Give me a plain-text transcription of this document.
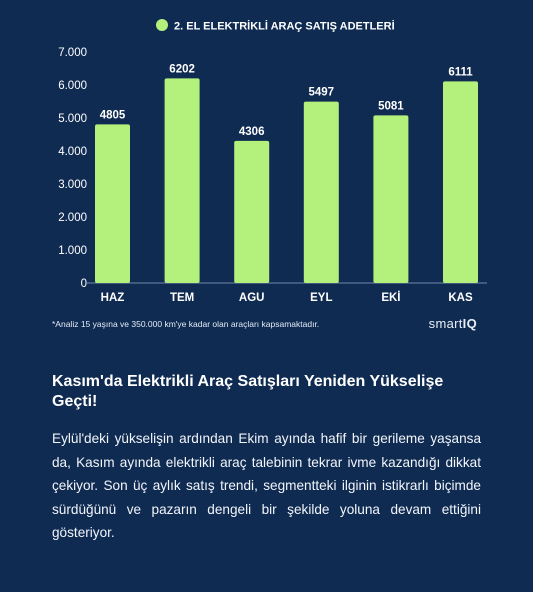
2. EL ELEKTRİKLİ ARAÇ SATIŞ ADETLERİ
0
1.000
2.000
3.000
4.000
5.000
6.000
7.000
4805
6202
4306
5497
5081
6111
HAZ	TEM	AGU	EYL	EKİ	KAS
*Analiz 15 yaşına ve 350.000 km'ye kadar olan araçları kapsamaktadır.	smartIQ
Kasım'da Elektrikli Araç Satışları Yeniden Yükselişe Geçti!

Eylül'deki yükselişin ardından Ekim ayında hafif bir gerileme yaşansa da, Kasım ayında elektrikli araç talebinin tekrar ivme kazandığı dikkat çekiyor. Son üç aylık satış trendi, segmentteki ilginin istikrarlı biçimde sürdüğünü ve pazarın dengeli bir şekilde yoluna devam ettiğini gösteriyor.
